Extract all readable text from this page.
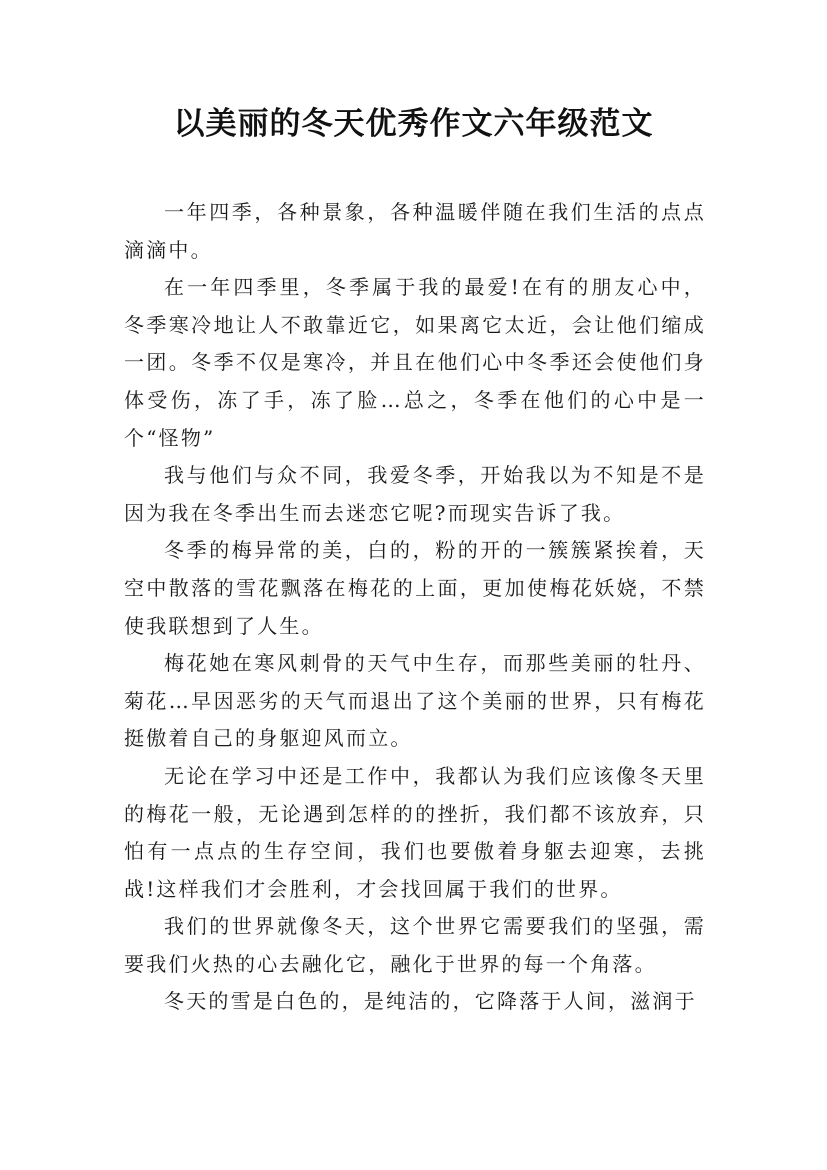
以美丽的冬天优秀作文六年级范文

一年四季，各种景象，各种温暖伴随在我们生活的点点滴滴中。

在一年四季里，冬季属于我的最爱!在有的朋友心中，冬季寒冷地让人不敢靠近它，如果离它太近，会让他们缩成一团。冬季不仅是寒冷，并且在他们心中冬季还会使他们身体受伤，冻了手，冻了脸…总之，冬季在他们的心中是一个“怪物”

我与他们与众不同，我爱冬季，开始我以为不知是不是因为我在冬季出生而去迷恋它呢?而现实告诉了我。

冬季的梅异常的美，白的，粉的开的一簇簇紧挨着，天空中散落的雪花飘落在梅花的上面，更加使梅花妖娆，不禁使我联想到了人生。

梅花她在寒风刺骨的天气中生存，而那些美丽的牡丹、菊花…早因恶劣的天气而退出了这个美丽的世界，只有梅花挺傲着自己的身躯迎风而立。

无论在学习中还是工作中，我都认为我们应该像冬天里的梅花一般，无论遇到怎样的的挫折，我们都不该放弃，只怕有一点点的生存空间，我们也要傲着身躯去迎寒，去挑战!这样我们才会胜利，才会找回属于我们的世界。

我们的世界就像冬天，这个世界它需要我们的坚强，需要我们火热的心去融化它，融化于世界的每一个角落。

冬天的雪是白色的，是纯洁的，它降落于人间，滋润于
